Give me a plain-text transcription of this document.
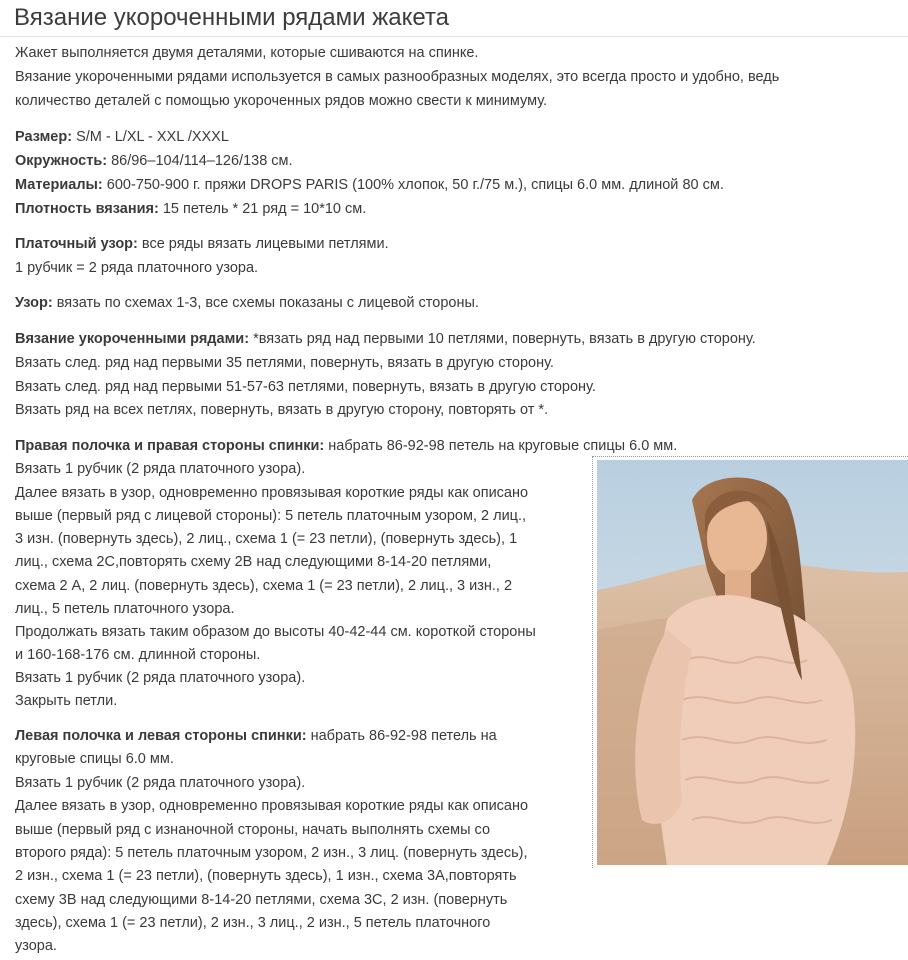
Вязание укороченными рядами жакета
Жакет выполняется двумя деталями, которые сшиваются на спинке.
Вязание укороченными рядами используется в самых разнообразных моделях, это всегда просто и удобно, ведь
количество деталей с помощью укороченных рядов можно свести к минимуму.
Размер: S/M - L/XL - XXL /XXXL
Окружность: 86/96–104/114–126/138 см.
Материалы: 600-750-900 г. пряжи DROPS PARIS (100% хлопок, 50 г./75 м.), спицы 6.0 мм. длиной 80 см.
Плотность вязания: 15 петель * 21 ряд = 10*10 см.
Платочный узор: все ряды вязать лицевыми петлями.
1 рубчик = 2 ряда платочного узора.
Узор: вязать по схемах 1-3, все схемы показаны с лицевой стороны.
Вязание укороченными рядами: *вязать ряд над первыми 10 петлями, повернуть, вязать в другую сторону.
Вязать след. ряд над первыми 35 петлями, повернуть, вязать в другую сторону.
Вязать след. ряд над первыми 51-57-63 петлями, повернуть, вязать в другую сторону.
Вязать ряд на всех петлях, повернуть, вязать в другую сторону, повторять от *.
Правая полочка и правая стороны спинки: набрать 86-92-98 петель на круговые спицы 6.0 мм.
Вязать 1 рубчик (2 ряда платочного узора).
Далее вязать в узор, одновременно провязывая короткие ряды как описано
выше (первый ряд с лицевой стороны): 5 петель платочным узором, 2 лиц.,
3 изн. (повернуть здесь), 2 лиц., схема 1 (= 23 петли), (повернуть здесь), 1
лиц., схема 2С,повторять схему 2В над следующими 8-14-20 петлями,
схема 2 А, 2 лиц. (повернуть здесь), схема 1 (= 23 петли), 2 лиц., 3 изн., 2
лиц., 5 петель платочного узора.
Продолжать вязать таким образом до высоты 40-42-44 см. короткой стороны
и 160-168-176 см. длинной стороны.
Вязать 1 рубчик (2 ряда платочного узора).
Закрыть петли.
Левая полочка и левая стороны спинки: набрать 86-92-98 петель на
круговые спицы 6.0 мм.
Вязать 1 рубчик (2 ряда платочного узора).
Далее вязать в узор, одновременно провязывая короткие ряды как описано
выше (первый ряд с изнаночной стороны, начать выполнять схемы со
второго ряда): 5 петель платочным узором, 2 изн., 3 лиц. (повернуть здесь),
2 изн., схема 1 (= 23 петли), (повернуть здесь), 1 изн., схема 3А,повторять
схему 3В над следующими 8-14-20 петлями, схема 3С, 2 изн. (повернуть
здесь), схема 1 (= 23 петли), 2 изн., 3 лиц., 2 изн., 5 петель платочного
узора.
